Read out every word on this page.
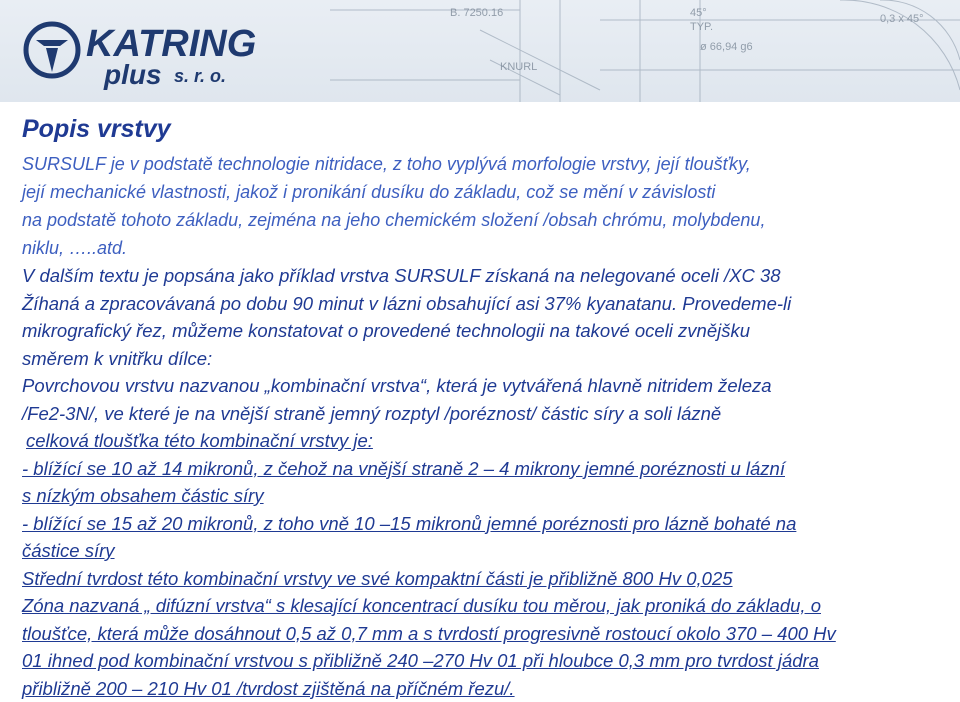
B. 7250.16	45°
TYP.
ø 66,94 g6
0,3 x 45°
KNURL
KATRING
plus s. r. o.
Popis vrstvy

SURSULF je v podstatě technologie nitridace, z toho vyplývá morfologie vrstvy, její tloušťky,
její mechanické vlastnosti, jakož i pronikání dusíku do základu, což se mění v závislosti
na podstatě tohoto základu, zejména na jeho chemickém složení /obsah chrómu, molybdenu,
niklu, …..atd.

V dalším textu je popsána jako příklad vrstva SURSULF získaná na nelegované oceli /XC 38
Žíhaná a zpracovávaná po dobu 90 minut v lázni obsahující asi 37% kyanatanu. Provedeme-li
mikrografický řez, můžeme konstatovat o provedené technologii na takové oceli zvnějšku
směrem k vnitřku dílce:
Povrchovou vrstvu nazvanou „kombinační vrstva“, která je vytvářená hlavně nitridem železa
/Fe2-3N/, ve které je na vnější straně jemný rozptyl /poréznost/ částic síry a soli lázně
celková tloušťka této kombinační vrstvy je:
- blížící se 10 až 14 mikronů, z čehož na vnější straně 2 – 4 mikrony jemné poréznosti u lázní
s nízkým obsahem částic síry
- blížící se 15 až 20 mikronů, z toho vně 10 –15 mikronů jemné poréznosti pro lázně bohaté na
částice síry
Střední tvrdost této kombinační vrstvy ve své kompaktní části je přibližně 800 Hv 0,025
Zóna nazvaná „ difúzní vrstva“ s klesající koncentrací dusíku tou měrou, jak proniká do základu, o
tloušťce, která může dosáhnout 0,5 až 0,7 mm a s tvrdostí progresivně rostoucí okolo 370 – 400 Hv
01 ihned pod kombinační vrstvou s přibližně 240 –270 Hv 01 při hloubce 0,3 mm pro tvrdost jádra
přibližně 200 – 210 Hv 01 /tvrdost zjištěná na příčném řezu/.
